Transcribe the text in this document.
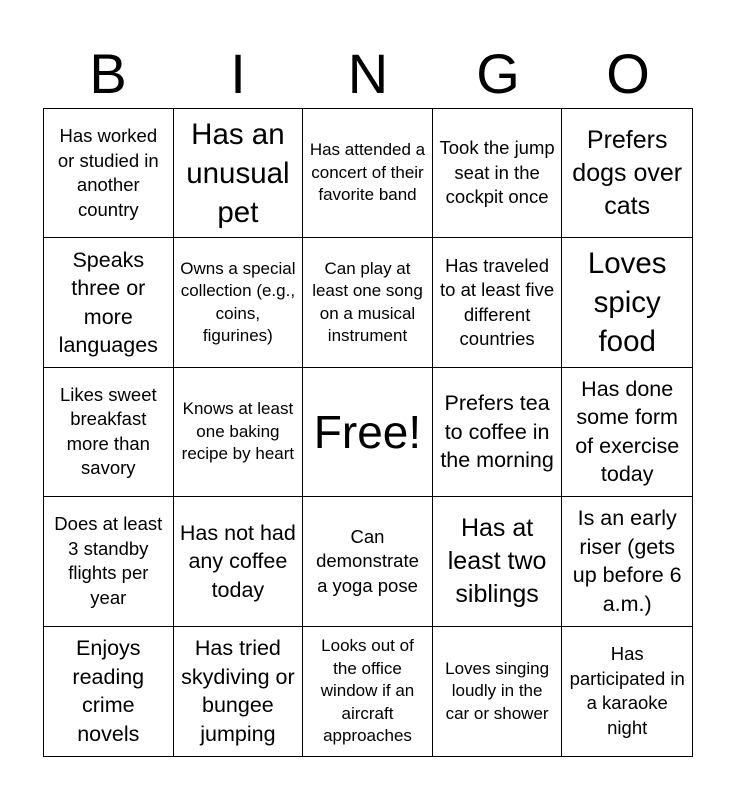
B	I	N	G	O
Has worked or studied in another country
Has an unusual pet
Has attended a concert of their favorite band
Took the jump seat in the cockpit once
Prefers dogs over cats
Speaks three or more languages
Owns a special collection (e.g., coins, figurines)
Can play at least one song on a musical instrument
Has traveled to at least five different countries
Loves spicy food
Likes sweet breakfast more than savory
Knows at least one baking recipe by heart Free!
Prefers tea to coffee in the morning
Has done some form of exercise today
Does at least 3 standby flights per year
Has not had any coffee today
Can demonstrate a yoga pose
Has at least two siblings
Is an early riser (gets up before 6 a.m.)
Enjoys reading crime novels
Has tried skydiving or bungee jumping
Looks out of the office window if an aircraft approaches
Loves singing loudly in the car or shower
Has participated in a karaoke night
